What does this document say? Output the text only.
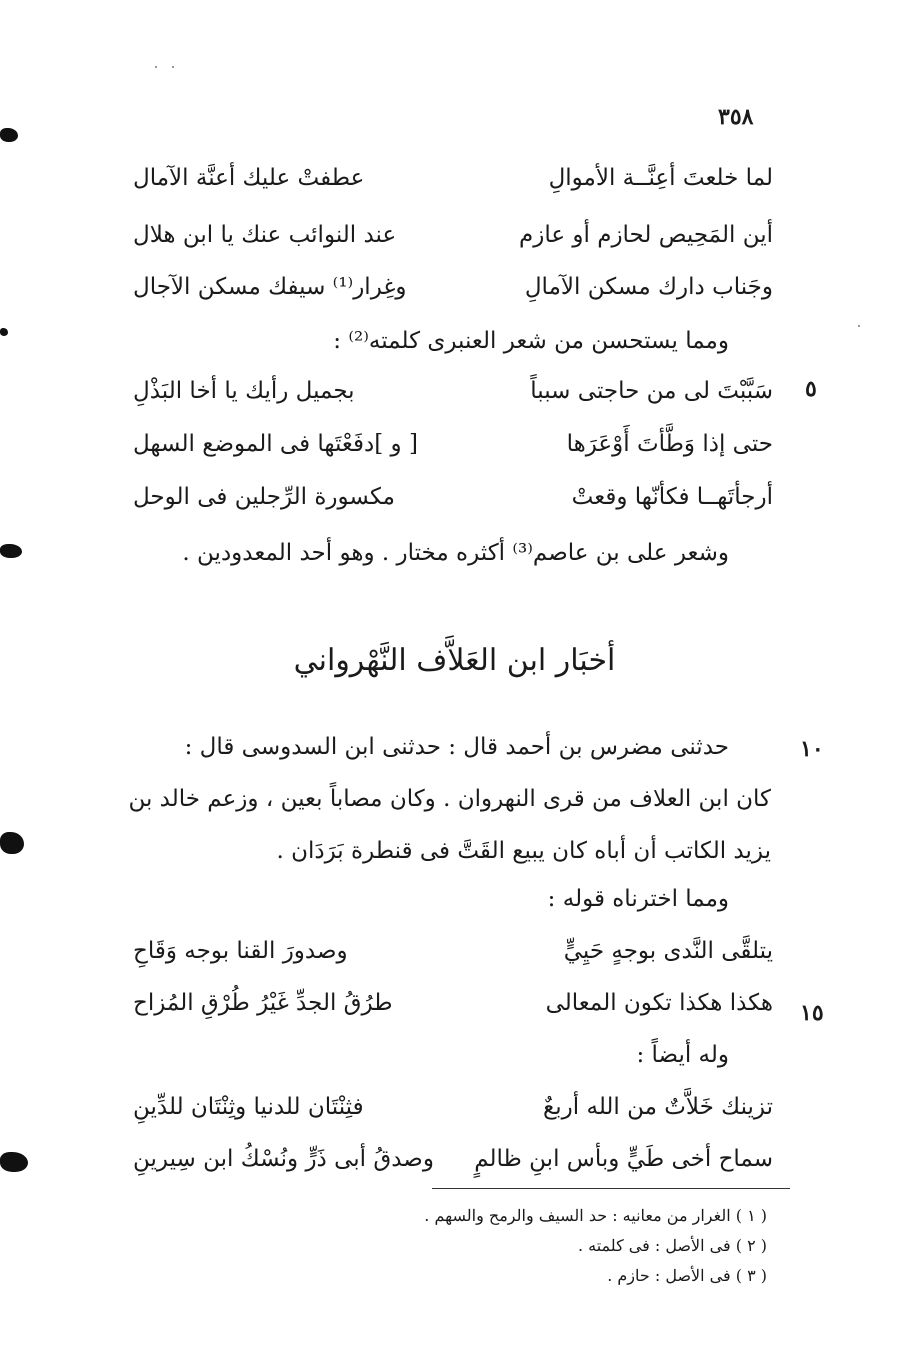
٣٥٨
لما خلعتَ أعِنَّــة الأموالِ
عطفتْ عليك أعنَّة الآمال
أين المَحِيص لحازم أو عازم
عند النوائب عنك يا ابن هلال
وجَناب دارك مسكن الآمالِ
وغِرار⁽¹⁾ سيفك مسكن الآجال
ومما يستحسن من شعر العنبرى كلمته⁽²⁾ :
٥
سَبَّبْتَ لى من حاجتى سبباً
بجميل رأيك يا أخا البَذْلِ
حتى إذا وَطَّأتَ أَوْعَرَها
[ و ]دفَعْتَها فى الموضع السهل
أرجأتَهــا فكأنّها وقعتْ
مكسورة الرِّجلين فى الوحل
وشعر على بن عاصم⁽³⁾ أكثره مختار . وهو أحد المعدودين .
أخبَار ابن العَلاَّف النَّهْرواني
١٠
حدثنى مضرس بن أحمد قال : حدثنى ابن السدوسى قال :
كان ابن العلاف من قرى النهروان . وكان مصاباً بعين ، وزعم خالد بن
يزيد الكاتب أن أباه كان يبيع القَتَّ فى قنطرة بَرَدَان .
ومما اخترناه قوله :
يتلقَّى النَّدى بوجهٍ حَيِيٍّ
وصدورَ القنا بوجه وَقَاحِ
١٥
هكذا هكذا تكون المعالى
طرُقُ الجدِّ غَيْرُ طُرْقِ المُزاح
وله أيضاً :
تزينك خَلاَّتٌ من الله أربعٌ
فثِنْتَان للدنيا وثِنْتَان للدِّينِ
سماح أخى طَيٍّ وبأس ابنِ ظالمٍ
وصدقُ أبى ذَرٍّ ونُسْكُ ابن سِيرينِ
( ١ ) الغرار من معانيه : حد السيف والرمح والسهم .
( ٢ ) فى الأصل : فى كلمته .
( ٣ ) فى الأصل : حازم .
